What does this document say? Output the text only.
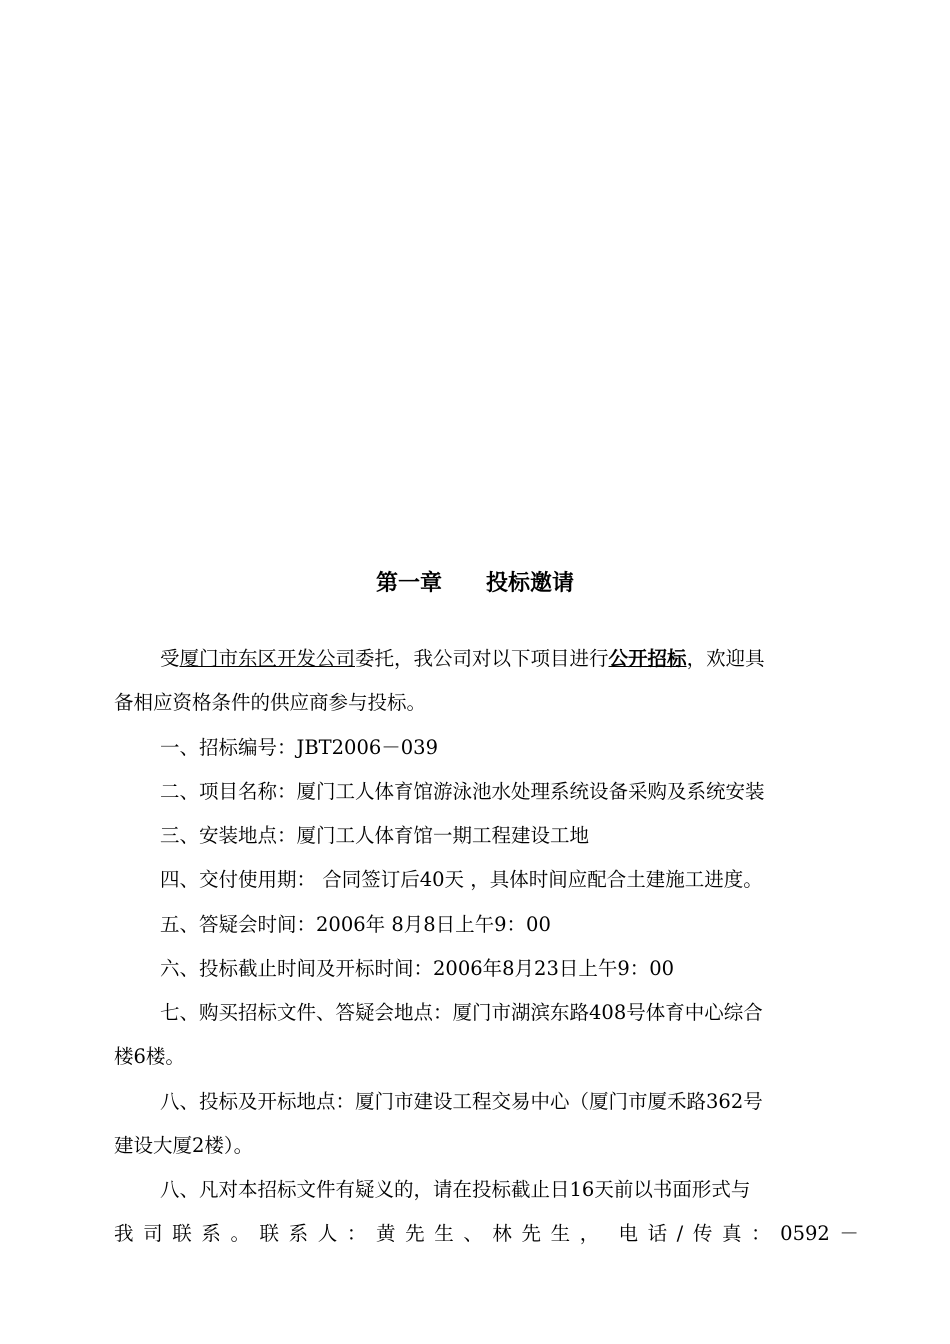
第一章　　投标邀请
受厦门市东区开发公司委托，我公司对以下项目进行公开招标，欢迎具
备相应资格条件的供应商参与投标。
一、招标编号：JBT2006－039
二、项目名称：厦门工人体育馆游泳池水处理系统设备采购及系统安装
三、安装地点：厦门工人体育馆一期工程建设工地
四、交付使用期： 合同签订后40天 ，具体时间应配合土建施工进度。
五、答疑会时间：2006年 8月8日上午9：00
六、投标截止时间及开标时间：2006年8月23日上午9：00
七、购买招标文件、答疑会地点：厦门市湖滨东路408号体育中心综合
楼6楼。
八、投标及开标地点：厦门市建设工程交易中心（厦门市厦禾路362号
建设大厦2楼）。
八、凡对本招标文件有疑义的，请在投标截止日16天前以书面形式与
我 司 联 系 。 联 系 人 ： 黄 先 生 、 林 先 生 ， 电 话 / 传 真 ： 0592 －
